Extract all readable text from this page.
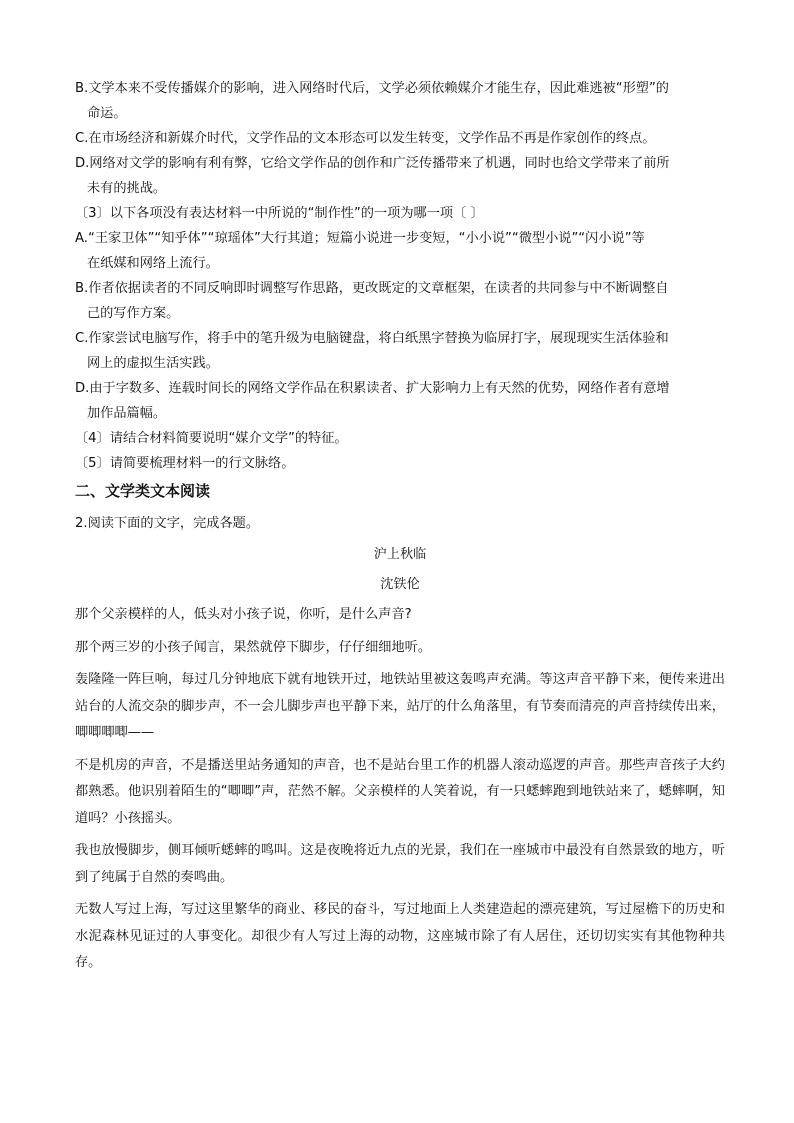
B.文学本来不受传播媒介的影响，进入网络时代后，文学必须依赖媒介才能生存，因此难逃被“形塑”的
命运。
C.在市场经济和新媒介时代，文学作品的文本形态可以发生转变，文学作品不再是作家创作的终点。
D.网络对文学的影响有利有弊，它给文学作品的创作和广泛传播带来了机遇，同时也给文学带来了前所
未有的挑战。
〔3〕以下各项没有表达材料一中所说的“制作性”的一项为哪一项〔 〕
A.“王家卫体”“知乎体”“琼瑶体”大行其道；短篇小说进一步变短，“小小说”“微型小说”“闪小说”等
在纸媒和网络上流行。
B.作者依据读者的不同反响即时调整写作思路，更改既定的文章框架，在读者的共同参与中不断调整自
己的写作方案。
C.作家尝试电脑写作，将手中的笔升级为电脑键盘，将白纸黑字替换为临屏打字，展现现实生活体验和
网上的虚拟生活实践。
D.由于字数多、连载时间长的网络文学作品在积累读者、扩大影响力上有天然的优势，网络作者有意增
加作品篇幅。
〔4〕请结合材料简要说明“媒介文学”的特征。
〔5〕请简要梳理材料一的行文脉络。
二、文学类文本阅读
2.阅读下面的文字，完成各题。
沪上秋临
沈铁伦
那个父亲模样的人，低头对小孩子说，你听，是什么声音?
那个两三岁的小孩子闻言，果然就停下脚步，仔仔细细地听。
轰隆隆一阵巨响，每过几分钟地底下就有地铁开过，地铁站里被这轰鸣声充满。等这声音平静下来，便传来进出站台的人流交杂的脚步声，不一会儿脚步声也平静下来，站厅的什么角落里，有节奏而清亮的声音持续传出来，唧唧唧唧——
不是机房的声音，不是播送里站务通知的声音，也不是站台里工作的机器人滚动巡逻的声音。那些声音孩子大约都熟悉。他识别着陌生的“唧唧”声，茫然不解。父亲模样的人笑着说，有一只蟋蟀跑到地铁站来了，蟋蟀啊，知道吗？小孩摇头。
我也放慢脚步，侧耳倾听蟋蟀的鸣叫。这是夜晚将近九点的光景，我们在一座城市中最没有自然景致的地方，听到了纯属于自然的奏鸣曲。
无数人写过上海，写过这里繁华的商业、移民的奋斗，写过地面上人类建造起的漂亮建筑，写过屋檐下的历史和水泥森林见证过的人事变化。却很少有人写过上海的动物，这座城市除了有人居住，还切切实实有其他物种共存。
